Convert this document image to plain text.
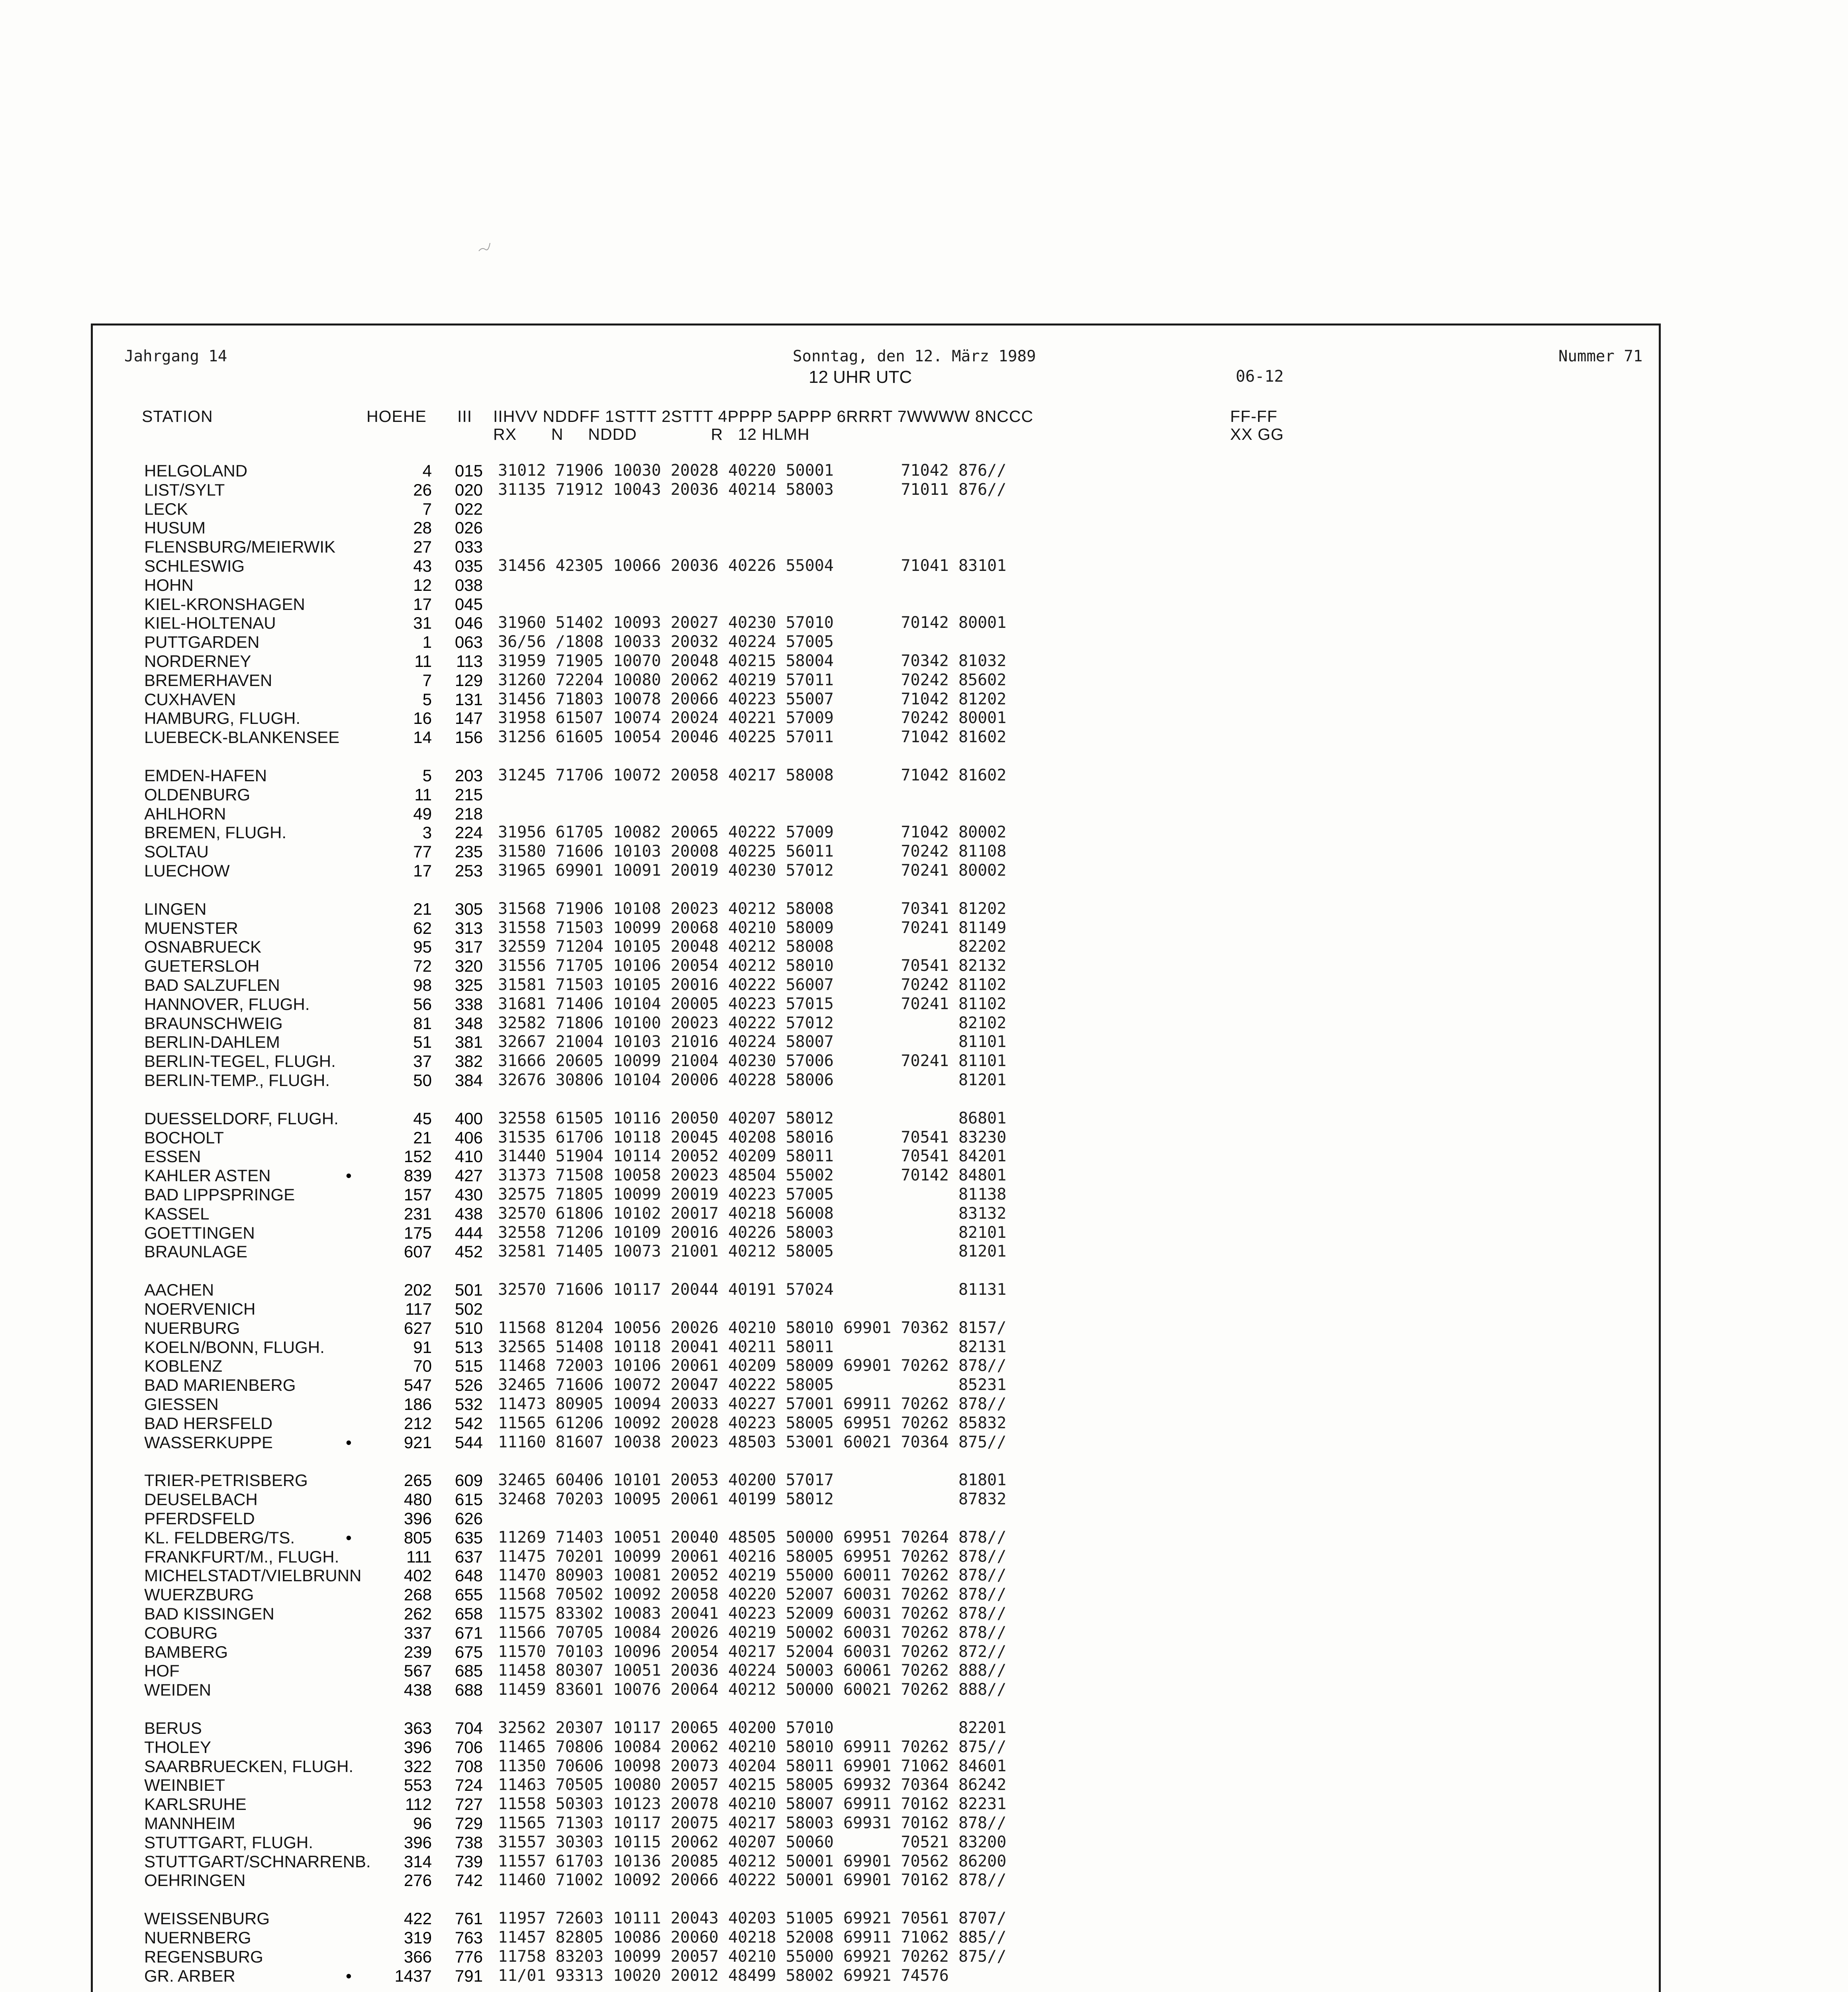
Jahrgang 14	Sonntag, den 12. März 1989
12 UHR UTC
Nummer 71
06-12
STATION	HOEHE III IIHVV NDDFF 1STTT 2STTT 4PPPP 5APPP 6RRRT 7WWWW 8NCCC
RX       N     NDDD               R   12 HLMH
FF-FF
XX GG
HELGOLAND	4	015 31012 71906 10030 20028 40220 50001       71042 876//
LIST/SYLT	26	020 31135 71912 10043 20036 40214 58003       71011 876//
LECK	7	022
HUSUM	28	026
FLENSBURG/MEIERWIK	27	033
SCHLESWIG	43	035 31456 42305 10066 20036 40226 55004       71041 83101
HOHN	12	038
KIEL-KRONSHAGEN	17	045
KIEL-HOLTENAU	31	046 31960 51402 10093 20027 40230 57010       70142 80001
PUTTGARDEN	1	063 36/56 /1808 10033 20032 40224 57005
NORDERNEY	11	113 31959 71905 10070 20048 40215 58004       70342 81032
BREMERHAVEN	7	129 31260 72204 10080 20062 40219 57011       70242 85602
CUXHAVEN	5	131 31456 71803 10078 20066 40223 55007       71042 81202
HAMBURG, FLUGH.	16	147 31958 61507 10074 20024 40221 57009       70242 80001
LUEBECK-BLANKENSEE	14	156 31256 61605 10054 20046 40225 57011       71042 81602
EMDEN-HAFEN	5	203 31245 71706 10072 20058 40217 58008       71042 81602
OLDENBURG	11	215
AHLHORN	49	218
BREMEN, FLUGH.	3	224 31956 61705 10082 20065 40222 57009       71042 80002
SOLTAU	77	235 31580 71606 10103 20008 40225 56011       70242 81108
LUECHOW	17	253 31965 69901 10091 20019 40230 57012       70241 80002
LINGEN	21	305 31568 71906 10108 20023 40212 58008       70341 81202
MUENSTER	62	313 31558 71503 10099 20068 40210 58009       70241 81149
OSNABRUECK	95	317 32559 71204 10105 20048 40212 58008             82202
GUETERSLOH	72	320 31556 71705 10106 20054 40212 58010       70541 82132
BAD SALZUFLEN	98	325 31581 71503 10105 20016 40222 56007       70242 81102
HANNOVER, FLUGH.	56	338 31681 71406 10104 20005 40223 57015       70241 81102
BRAUNSCHWEIG	81	348 32582 71806 10100 20023 40222 57012             82102
BERLIN-DAHLEM	51	381 32667 21004 10103 21016 40224 58007             81101
BERLIN-TEGEL, FLUGH.	37	382 31666 20605 10099 21004 40230 57006       70241 81101
BERLIN-TEMP., FLUGH.	50	384 32676 30806 10104 20006 40228 58006             81201
DUESSELDORF, FLUGH.	45	400 32558 61505 10116 20050 40207 58012             86801
BOCHOLT	21	406 31535 61706 10118 20045 40208 58016       70541 83230
ESSEN	152	410 31440 51904 10114 20052 40209 58011       70541 84201
KAHLER ASTEN	•	839	427 31373 71508 10058 20023 48504 55002       70142 84801
BAD LIPPSPRINGE	157	430 32575 71805 10099 20019 40223 57005             81138
KASSEL	231	438 32570 61806 10102 20017 40218 56008             83132
GOETTINGEN	175	444 32558 71206 10109 20016 40226 58003             82101
BRAUNLAGE	607	452 32581 71405 10073 21001 40212 58005             81201
AACHEN	202	501 32570 71606 10117 20044 40191 57024             81131
NOERVENICH	117	502
NUERBURG	627	510 11568 81204 10056 20026 40210 58010 69901 70362 8157/
KOELN/BONN, FLUGH.	91	513 32565 51408 10118 20041 40211 58011             82131
KOBLENZ	70	515 11468 72003 10106 20061 40209 58009 69901 70262 878//
BAD MARIENBERG	547	526 32465 71606 10072 20047 40222 58005             85231
GIESSEN	186	532 11473 80905 10094 20033 40227 57001 69911 70262 878//
BAD HERSFELD	212	542 11565 61206 10092 20028 40223 58005 69951 70262 85832
WASSERKUPPE	•	921	544 11160 81607 10038 20023 48503 53001 60021 70364 875//
TRIER-PETRISBERG	265	609 32465 60406 10101 20053 40200 57017             81801
DEUSELBACH	480	615 32468 70203 10095 20061 40199 58012             87832
PFERDSFELD	396	626
KL. FELDBERG/TS.	•	805	635 11269 71403 10051 20040 48505 50000 69951 70264 878//
FRANKFURT/M., FLUGH.	111	637 11475 70201 10099 20061 40216 58005 69951 70262 878//
MICHELSTADT/VIELBRUNN	402	648 11470 80903 10081 20052 40219 55000 60011 70262 878//
WUERZBURG	268	655 11568 70502 10092 20058 40220 52007 60031 70262 878//
BAD KISSINGEN	262	658 11575 83302 10083 20041 40223 52009 60031 70262 878//
COBURG	337	671 11566 70705 10084 20026 40219 50002 60031 70262 878//
BAMBERG	239	675 11570 70103 10096 20054 40217 52004 60031 70262 872//
HOF	567	685 11458 80307 10051 20036 40224 50003 60061 70262 888//
WEIDEN	438	688 11459 83601 10076 20064 40212 50000 60021 70262 888//
BERUS	363	704 32562 20307 10117 20065 40200 57010             82201
THOLEY	396	706 11465 70806 10084 20062 40210 58010 69911 70262 875//
SAARBRUECKEN, FLUGH.	322	708 11350 70606 10098 20073 40204 58011 69901 71062 84601
WEINBIET	553	724 11463 70505 10080 20057 40215 58005 69932 70364 86242
KARLSRUHE	112	727 11558 50303 10123 20078 40210 58007 69911 70162 82231
MANNHEIM	96	729 11565 71303 10117 20075 40217 58003 69931 70162 878//
STUTTGART, FLUGH.	396	738 31557 30303 10115 20062 40207 50060       70521 83200
STUTTGART/SCHNARRENB.	314	739 11557 61703 10136 20085 40212 50001 69901 70562 86200
OEHRINGEN	276	742 11460 71002 10092 20066 40222 50001 69901 70162 878//
WEISSENBURG	422	761 11957 72603 10111 20043 40203 51005 69921 70561 8707/
NUERNBERG	319	763 11457 82805 10086 20060 40218 52008 69911 71062 885//
REGENSBURG	366	776 11758 83203 10099 20057 40210 55000 69921 70262 875//
GR. ARBER	•	1437	791 11/01 93313 10020 20012 48499 58002 69921 74576
